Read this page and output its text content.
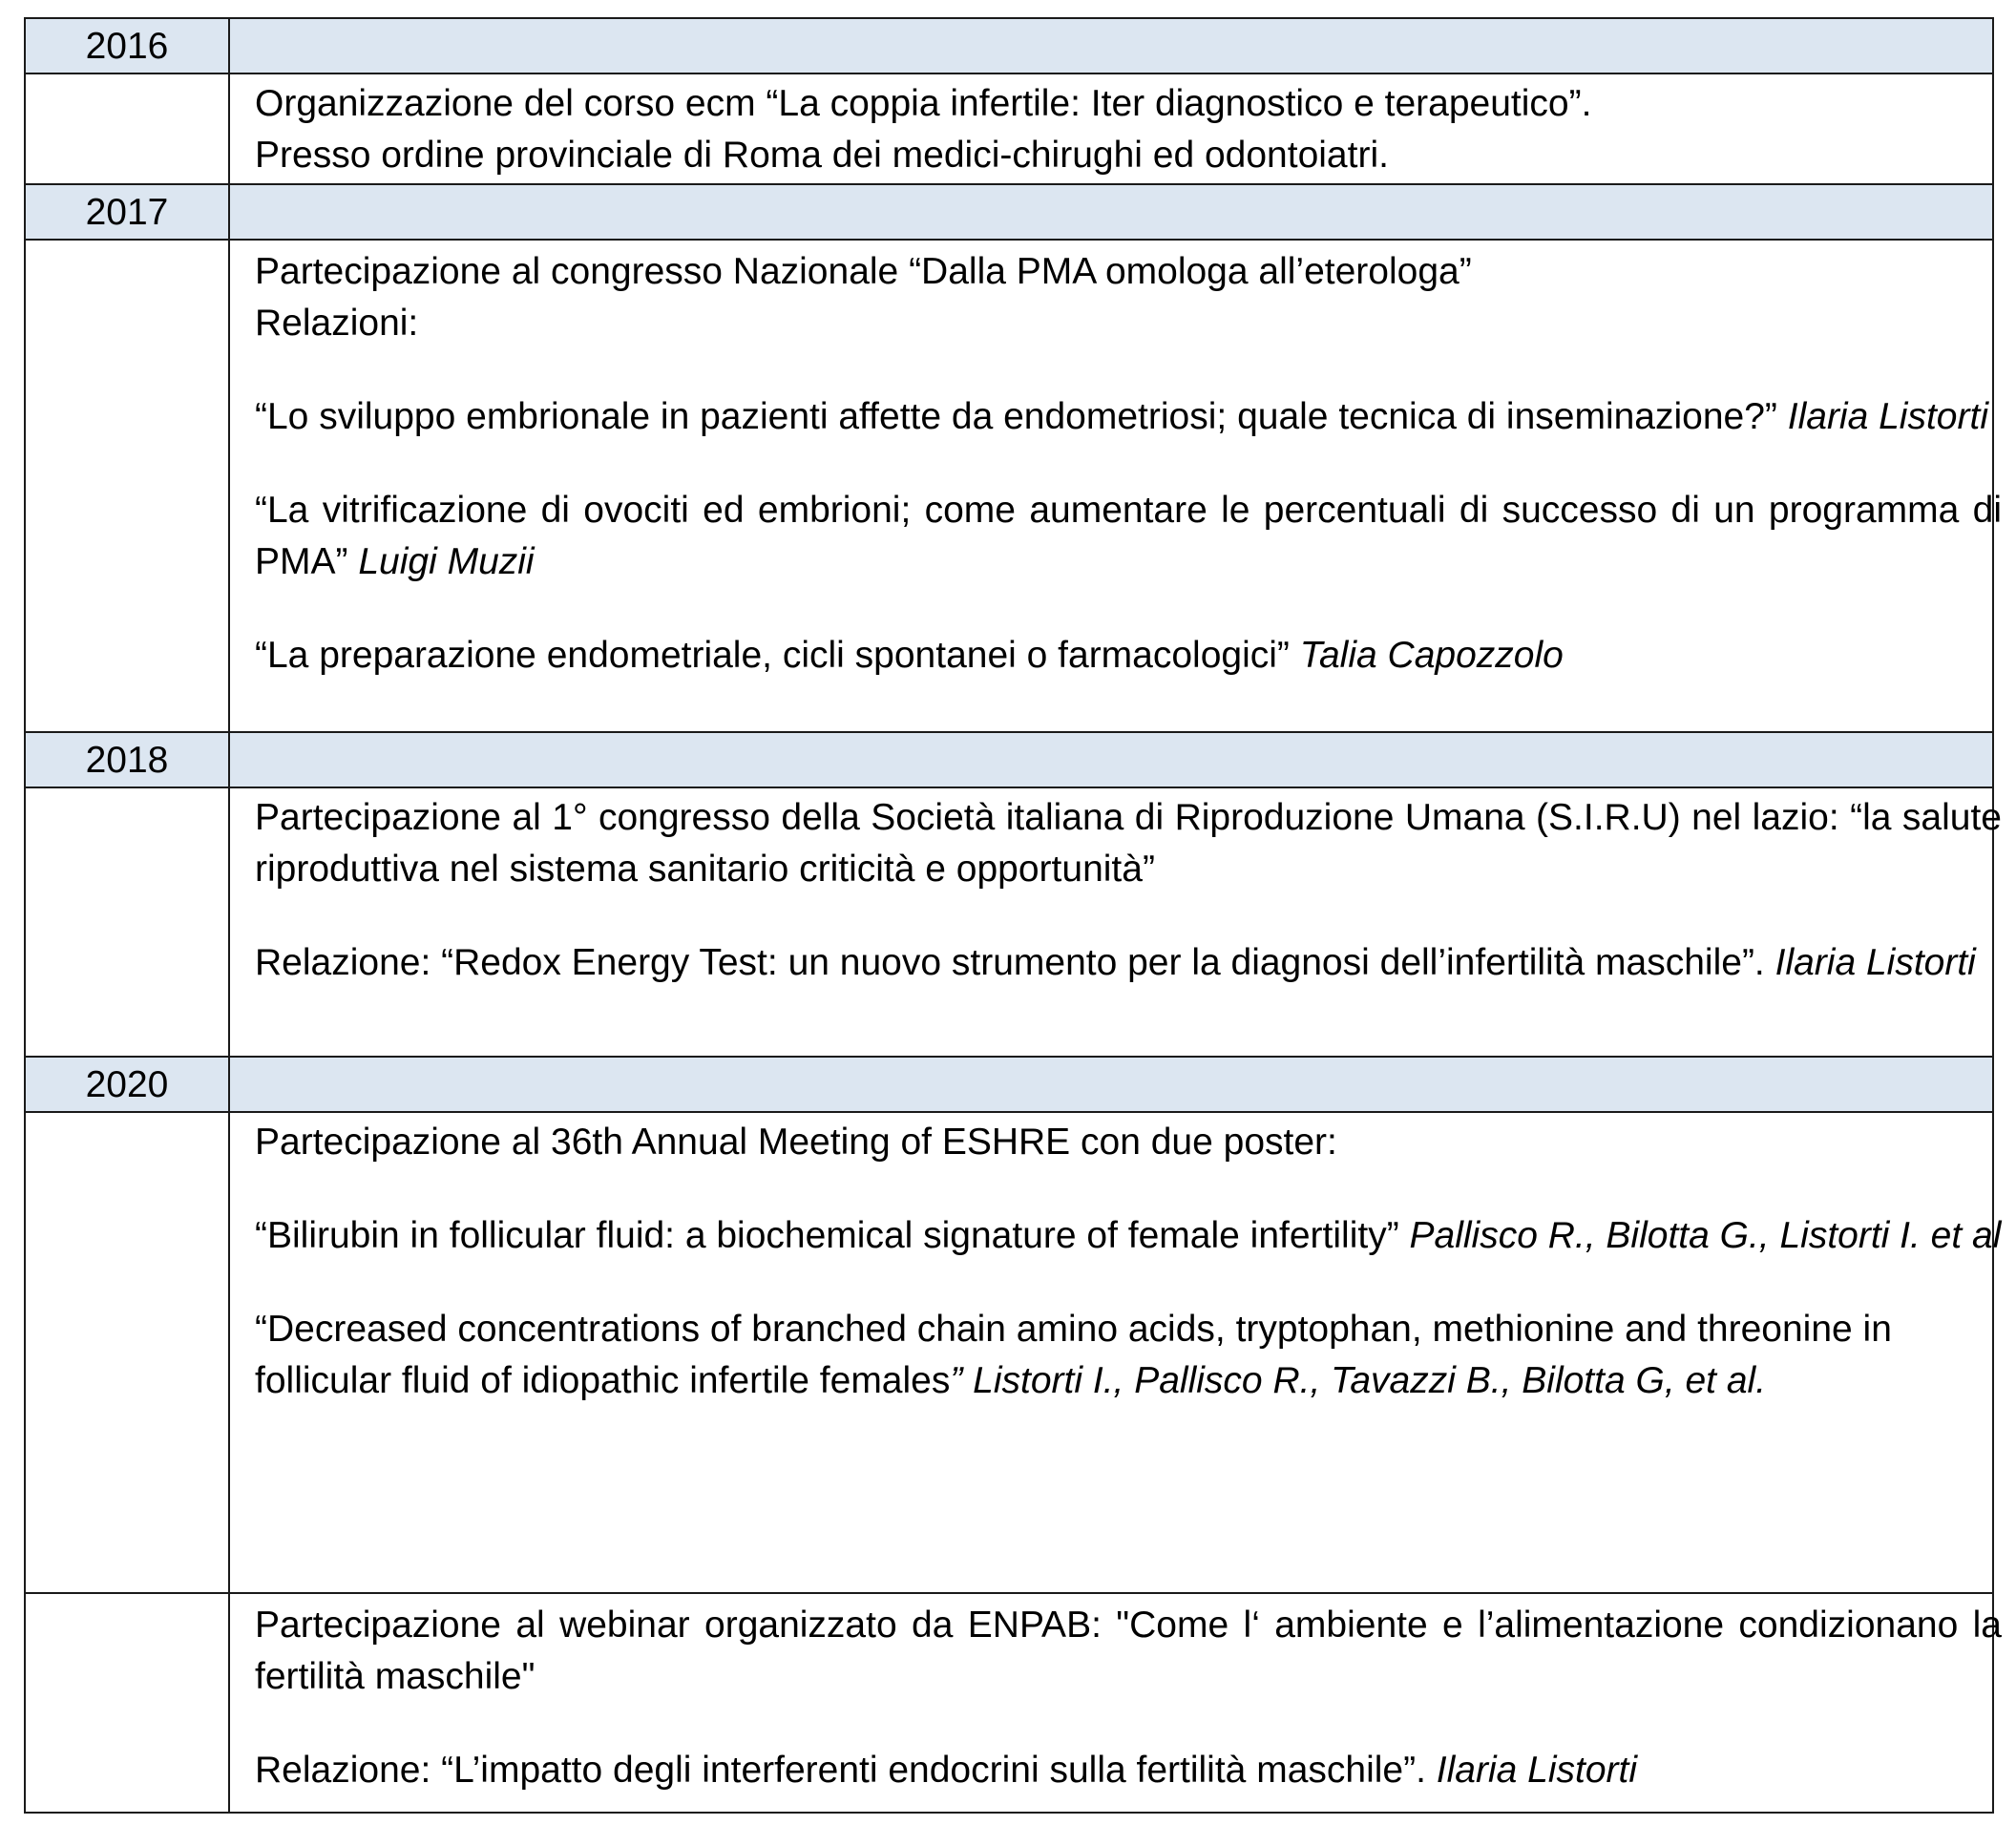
2016

Organizzazione del corso ecm “La coppia infertile: Iter diagnostico e terapeutico”.

Presso ordine provinciale di Roma dei medici-chirughi ed odontoiatri.

2017

Partecipazione al congresso Nazionale “Dalla PMA omologa all’eterologa”

Relazioni:

“Lo sviluppo embrionale in pazienti affette da endometriosi; quale tecnica di inseminazione?” Ilaria Listorti

“La vitrificazione di ovociti ed embrioni; come aumentare le percentuali di successo di un programma di PMA” Luigi Muzii

“La preparazione endometriale, cicli spontanei o farmacologici” Talia Capozzolo

2018

Partecipazione al 1° congresso della Società italiana di Riproduzione Umana (S.I.R.U) nel lazio: “la salute riproduttiva nel sistema sanitario criticità e opportunità”

Relazione: “Redox Energy Test: un nuovo strumento per la diagnosi dell’infertilità maschile”. Ilaria Listorti

2020

Partecipazione al 36th Annual Meeting of ESHRE con due poster:

“Bilirubin in follicular fluid: a biochemical signature of female infertility” Pallisco R., Bilotta G., Listorti I. et al

“Decreased concentrations of branched chain amino acids, tryptophan, methionine and threonine in follicular fluid of idiopathic infertile females” Listorti I., Pallisco R., Tavazzi B., Bilotta G, et al.

Partecipazione al webinar organizzato da ENPAB: "Come l‘ ambiente e l’alimentazione condizionano la fertilità maschile"

Relazione: “L’impatto degli interferenti endocrini sulla fertilità maschile”. Ilaria Listorti
